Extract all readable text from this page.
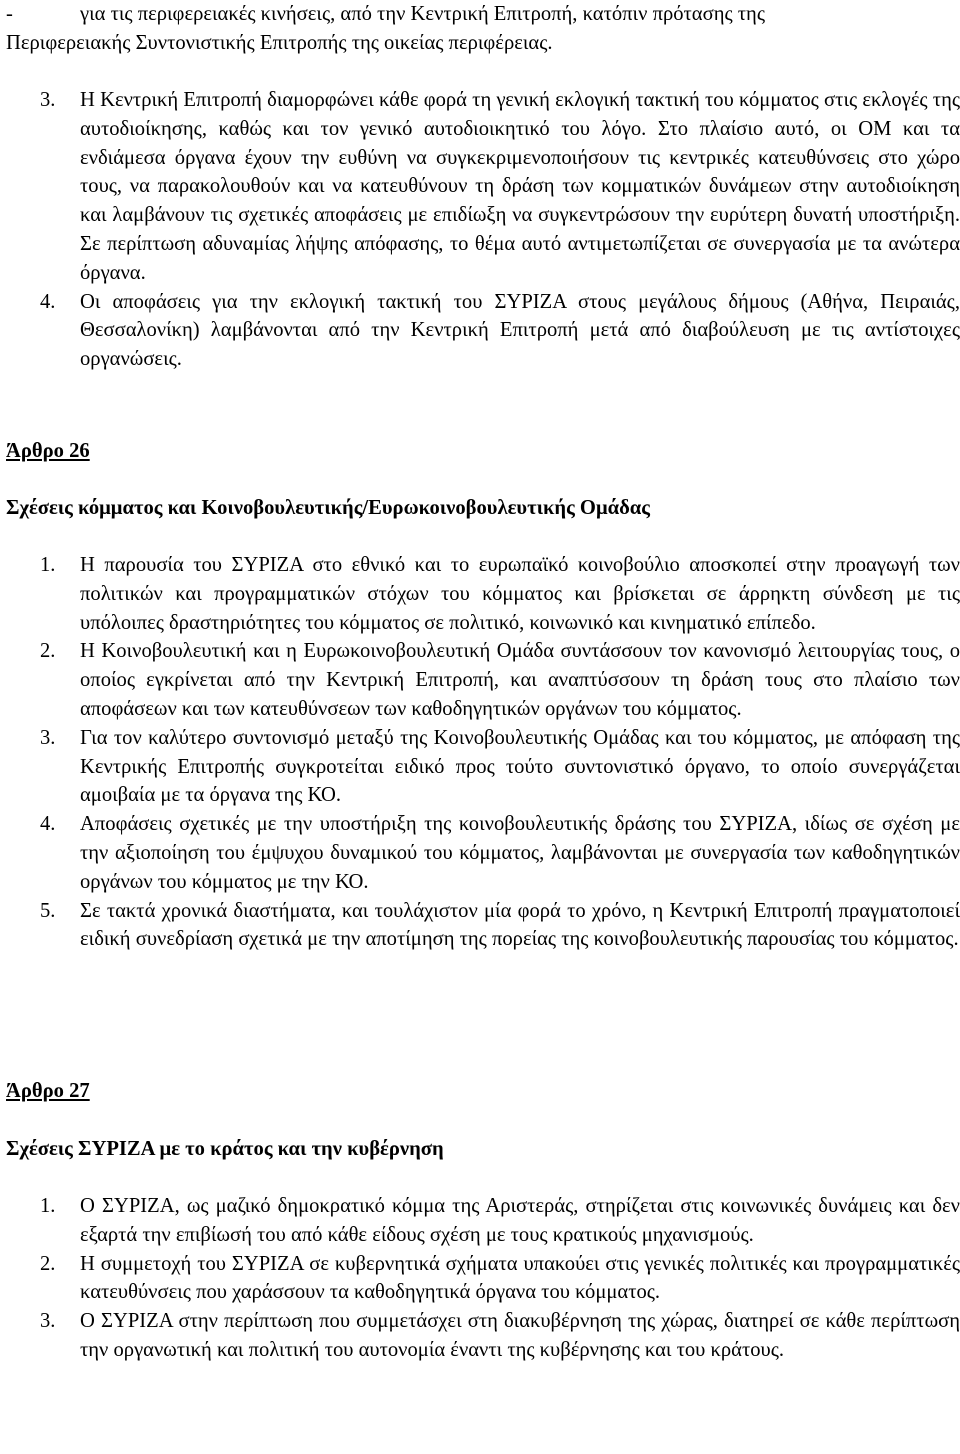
-	για τις περιφερειακές κινήσεις, από την Κεντρική Επιτροπή, κατόπιν πρότασης της
Περιφερειακής Συντονιστικής Επιτροπής της οικείας περιφέρειας.
3. Η Κεντρική Επιτροπή διαμορφώνει κάθε φορά τη γενική εκλογική τακτική του κόμματος στις εκλογές της αυτοδιοίκησης, καθώς και τον γενικό αυτοδιοικητικό του λόγο. Στο πλαίσιο αυτό, οι ΟΜ και τα ενδιάμεσα όργανα έχουν την ευθύνη να συγκεκριμενοποιήσουν τις κεντρικές κατευθύνσεις στο χώρο τους, να παρακολουθούν και να κατευθύνουν τη δράση των κομματικών δυνάμεων στην αυτοδιοίκηση και λαμβάνουν τις σχετικές αποφάσεις με επιδίωξη να συγκεντρώσουν την ευρύτερη δυνατή υποστήριξη. Σε περίπτωση αδυναμίας λήψης απόφασης, το θέμα αυτό αντιμετωπίζεται σε συνεργασία με τα ανώτερα όργανα.
4. Οι αποφάσεις για την εκλογική τακτική του ΣΥΡΙΖΑ στους μεγάλους δήμους (Αθήνα, Πειραιάς, Θεσσαλονίκη) λαμβάνονται από την Κεντρική Επιτροπή μετά από διαβούλευση με τις αντίστοιχες οργανώσεις.
Άρθρο 26
Σχέσεις κόμματος και Κοινοβουλευτικής/Ευρωκοινοβουλευτικής Ομάδας
1. Η παρουσία του ΣΥΡΙΖΑ στο εθνικό και το ευρωπαϊκό κοινοβούλιο αποσκοπεί στην προαγωγή των πολιτικών και προγραμματικών στόχων του κόμματος και βρίσκεται σε άρρηκτη σύνδεση με τις υπόλοιπες δραστηριότητες του κόμματος σε πολιτικό, κοινωνικό και κινηματικό επίπεδο.
2. Η Κοινοβουλευτική και η Ευρωκοινοβουλευτική Ομάδα συντάσσουν τον κανονισμό λειτουργίας τους, ο οποίος εγκρίνεται από την Κεντρική Επιτροπή, και αναπτύσσουν τη δράση τους στο πλαίσιο των αποφάσεων και των κατευθύνσεων των καθοδηγητικών οργάνων του κόμματος.
3. Για τον καλύτερο συντονισμό μεταξύ της Κοινοβουλευτικής Ομάδας και του κόμματος, με απόφαση της Κεντρικής Επιτροπής συγκροτείται ειδικό προς τούτο συντονιστικό όργανο, το οποίο συνεργάζεται αμοιβαία με τα όργανα της ΚΟ.
4. Αποφάσεις σχετικές με την υποστήριξη της κοινοβουλευτικής δράσης του ΣΥΡΙΖΑ, ιδίως σε σχέση με την αξιοποίηση του έμψυχου δυναμικού του κόμματος, λαμβάνονται με συνεργασία των καθοδηγητικών οργάνων του κόμματος με την ΚΟ.
5. Σε τακτά χρονικά διαστήματα, και τουλάχιστον μία φορά το χρόνο, η Κεντρική Επιτροπή πραγματοποιεί ειδική συνεδρίαση σχετικά με την αποτίμηση της πορείας της κοινοβουλευτικής παρουσίας του κόμματος.
Άρθρο 27
Σχέσεις ΣΥΡΙΖΑ με το κράτος και την κυβέρνηση
1. Ο ΣΥΡΙΖΑ, ως μαζικό δημοκρατικό κόμμα της Αριστεράς, στηρίζεται στις κοινωνικές δυνάμεις και δεν εξαρτά την επιβίωσή του από κάθε είδους σχέση με τους κρατικούς μηχανισμούς.
2. Η συμμετοχή του ΣΥΡΙΖΑ σε κυβερνητικά σχήματα υπακούει στις γενικές πολιτικές και προγραμματικές κατευθύνσεις που χαράσσουν τα καθοδηγητικά όργανα του κόμματος.
3. Ο ΣΥΡΙΖΑ στην περίπτωση που συμμετάσχει στη διακυβέρνηση της χώρας, διατηρεί σε κάθε περίπτωση την οργανωτική και πολιτική του αυτονομία έναντι της κυβέρνησης και του κράτους.
